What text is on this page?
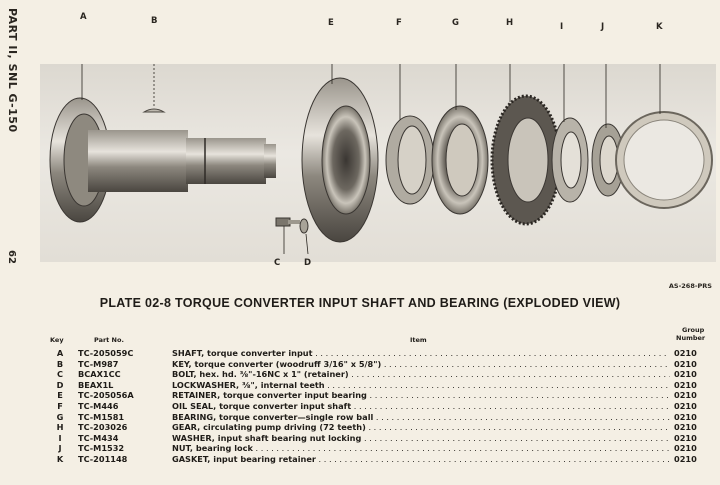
PART II, SNL G-150
62
A	B
C	D
E	F	G	H	I	J	K
AS-268-PRS
PLATE 02-8 TORQUE CONVERTER INPUT SHAFT AND BEARING (EXPLODED VIEW)
Key	Part No.	Item
Group
Number
A	TC-205059C	SHAFT, torque converter input . . .	0210
B	TC-M987	KEY, torque converter (woodruff 3/16" x 5/8") . . .	0210
C	BCAX1CC	BOLT, hex. hd. ⅜"-16NC x 1" (retainer) . . .	0210
D	BEAX1L	LOCKWASHER, ⅜", internal teeth . . .	0210
E	TC-205056A	RETAINER, torque converter input bearing . . .	0210
F	TC-M446	OIL SEAL, torque converter input shaft . . .	0210
G	TC-M1581	BEARING, torque converter—single row ball . . .	0210
H	TC-203026	GEAR, circulating pump driving (72 teeth) . . .	0210
I	TC-M434	WASHER, input shaft bearing nut locking . . .	0210
J	TC-M1532	NUT, bearing lock . . .	0210
K	TC-201148	GASKET, input bearing retainer . . .	0210
